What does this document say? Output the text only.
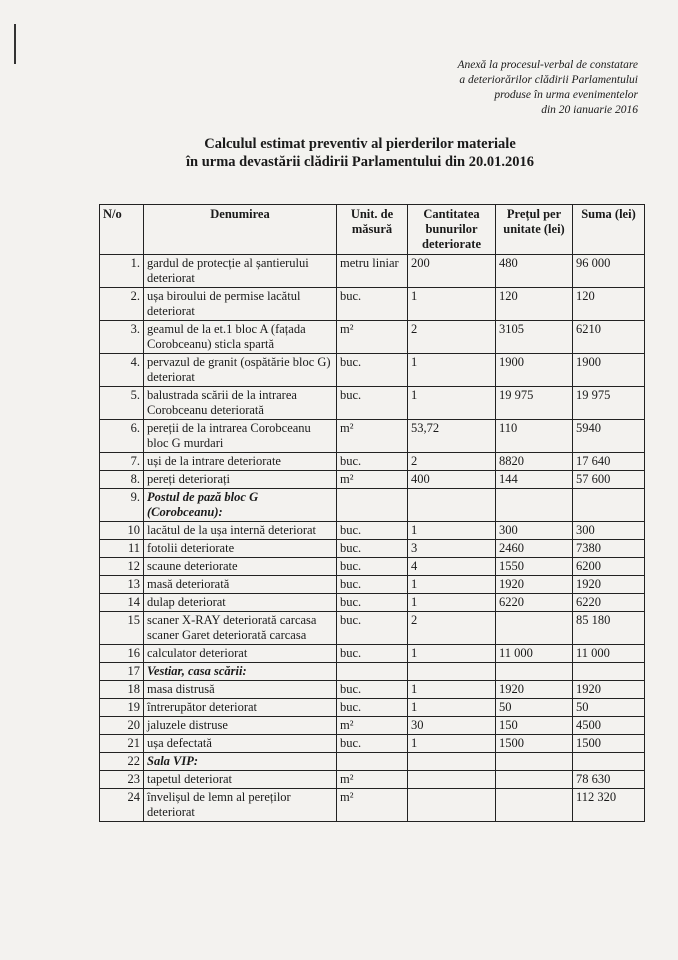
Anexă la procesul-verbal de constatare
a deteriorărilor clădirii Parlamentului
produse în urma evenimentelor
din 20 ianuarie 2016
Calculul estimat preventiv al pierderilor materiale
în urma devastării clădirii Parlamentului din 20.01.2016
N/o	Denumirea	Unit. de măsură	Cantitatea bunurilor deteriorate	Prețul per unitate (lei)	Suma (lei)
1.	gardul de protecție al șantierului deteriorat	metru liniar	200	480	96 000
2.	ușa biroului de permise lacătul deteriorat	buc.	1	120	120
3.	geamul de la et.1 bloc A (fațada Corobceanu) sticla spartă	m²	2	3105	6210
4.	pervazul de granit (ospătărie bloc G) deteriorat	buc.	1	1900	1900
5.	balustrada scării de la intrarea Corobceanu deteriorată	buc.	1	19 975	19 975
6.	pereții de la intrarea Corobceanu bloc G murdari	m²	53,72	110	5940
7.	uși de la intrare deteriorate	buc.	2	8820	17 640
8.	pereți deteriorați	m²	400	144	57 600
9.	Postul de pază bloc G (Corobceanu):				
10	lacătul de la ușa internă deteriorat	buc.	1	300	300
11	fotolii deteriorate	buc.	3	2460	7380
12	scaune deteriorate	buc.	4	1550	6200
13	masă deteriorată	buc.	1	1920	1920
14	dulap deteriorat	buc.	1	6220	6220
15	scaner X-RAY deteriorată carcasa scaner Garet deteriorată carcasa	buc.	2		85 180
16	calculator deteriorat	buc.	1	11 000	11 000
17	Vestiar, casa scării:				
18	masa distrusă	buc.	1	1920	1920
19	întrerupător deteriorat	buc.	1	50	50
20	jaluzele distruse	m²	30	150	4500
21	ușa defectată	buc.	1	1500	1500
22	Sala VIP:				
23	tapetul deteriorat	m²			78 630
24	învelișul de lemn al pereților deteriorat	m²			112 320
